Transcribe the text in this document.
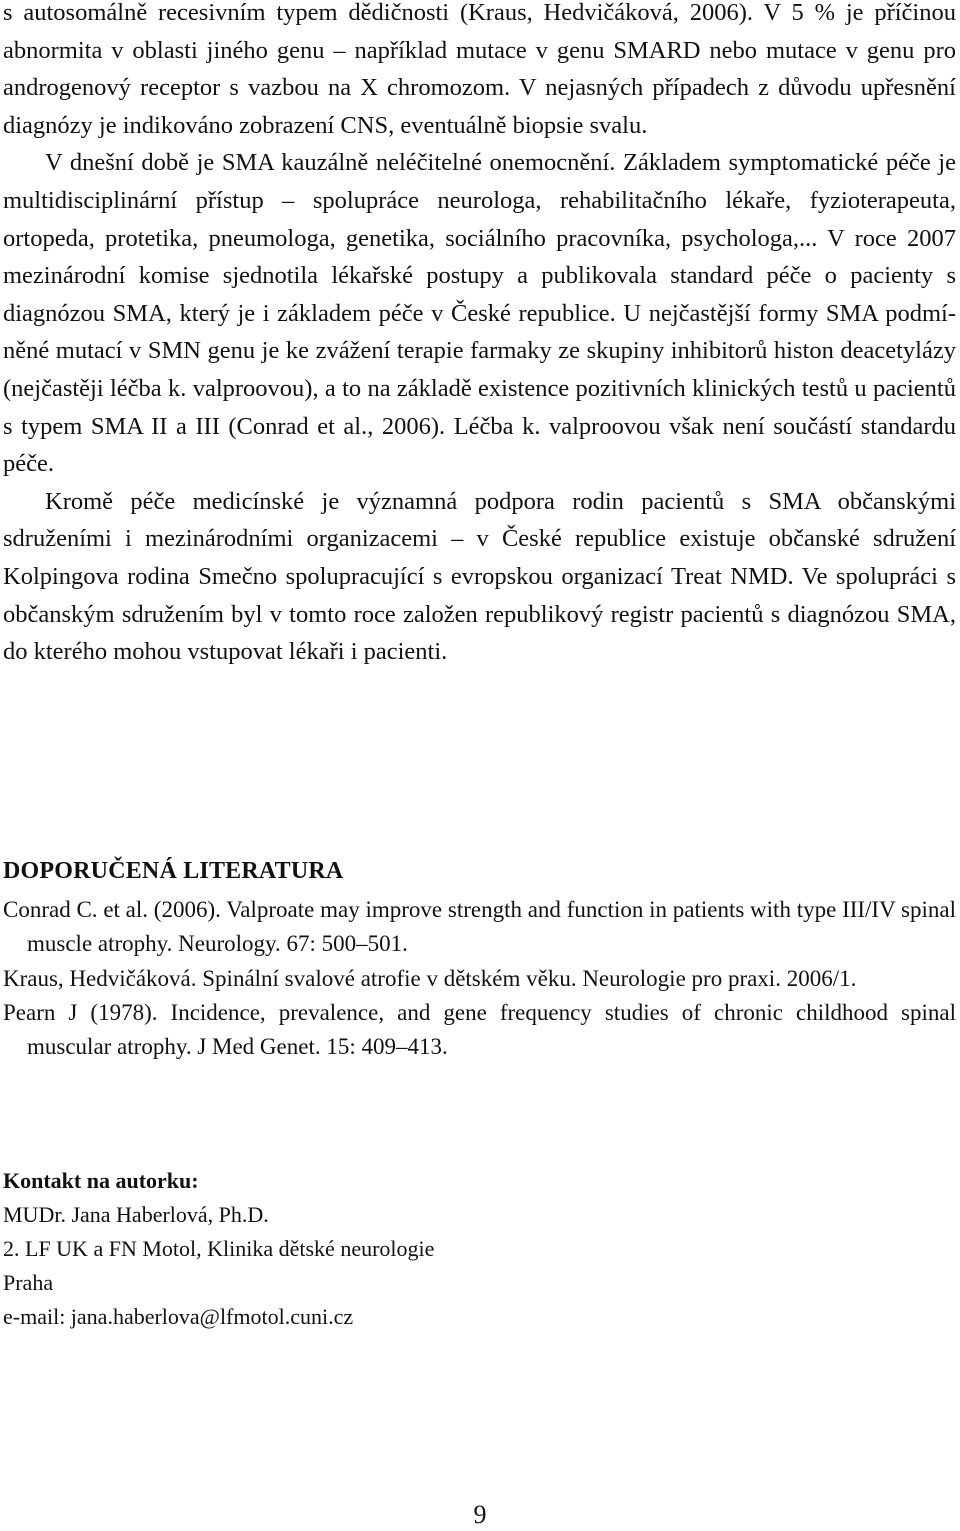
s autosomálně recesivním typem dědičnosti (Kraus, Hedvičáková, 2006). V 5 % je příčinou abnormita v oblasti jiného genu – například mutace v genu SMARD nebo mutace v genu pro androgenový receptor s vazbou na X chromozom. V nejasných případech z důvodu upřesnění diagnózy je indikováno zobrazení CNS, eventuálně biopsie svalu.

V dnešní době je SMA kauzálně neléčitelné onemocnění. Základem symptomatické péče je multidisciplinární přístup – spolupráce neurologa, rehabilitačního lékaře, fyzioterapeuta, ortopeda, protetika, pneumologa, genetika, sociálního pracovníka, psychologa,... V roce 2007 mezinárodní komise sjednotila lékařské postupy a publikovala standard péče o pacienty s diagnózou SMA, který je i základem péče v České republice. U nejčastější formy SMA podmíněné mutací v SMN genu je ke zvážení terapie farmaky ze skupiny inhibitorů histon deacetylázy (nejčastěji léčba k. valproovou), a to na základě existence pozitivních klinických testů u pacientů s typem SMA II a III (Conrad et al., 2006). Léčba k. valproovou však není součástí standardu péče.

Kromě péče medicínské je významná podpora rodin pacientů s SMA občanskými sdruženími i mezinárodními organizacemi – v České republice existuje občanské sdružení Kolpingova rodina Smečno spolupracující s evropskou organizací Treat NMD. Ve spolupráci s občanským sdružením byl v tomto roce založen republikový registr pacientů s diagnózou SMA, do kterého mohou vstupovat lékaři i pacienti.

DOPORUČENÁ LITERATURA

Conrad C. et al. (2006). Valproate may improve strength and function in patients with type III/IV spinal muscle atrophy. Neurology. 67: 500–501.

Kraus, Hedvičáková. Spinální svalové atrofie v dětském věku. Neurologie pro praxi. 2006/1.

Pearn J (1978). Incidence, prevalence, and gene frequency studies of chronic childhood spinal muscular atrophy. J Med Genet. 15: 409–413.

Kontakt na autorku:

MUDr. Jana Haberlová, Ph.D.

2. LF UK a FN Motol, Klinika dětské neurologie

Praha

e-mail: jana.haberlova@lfmotol.cuni.cz

9
